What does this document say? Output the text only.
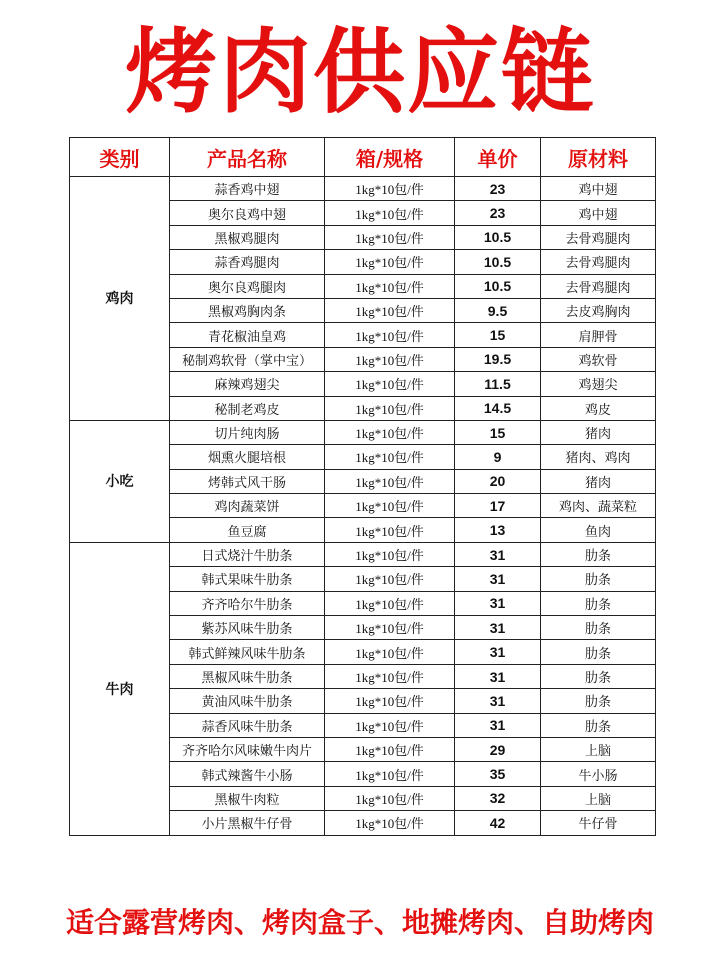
烤肉供应链
类别	产品名称	箱/规格	单价	原材料
鸡肉	蒜香鸡中翅	1kg*10包/件	23	鸡中翅
	奥尔良鸡中翅	1kg*10包/件	23	鸡中翅
	黑椒鸡腿肉	1kg*10包/件	10.5	去骨鸡腿肉
	蒜香鸡腿肉	1kg*10包/件	10.5	去骨鸡腿肉
	奥尔良鸡腿肉	1kg*10包/件	10.5	去骨鸡腿肉
	黑椒鸡胸肉条	1kg*10包/件	9.5	去皮鸡胸肉
	青花椒油皇鸡	1kg*10包/件	15	肩胛骨
	秘制鸡软骨（掌中宝）	1kg*10包/件	19.5	鸡软骨
	麻辣鸡翅尖	1kg*10包/件	11.5	鸡翅尖
	秘制老鸡皮	1kg*10包/件	14.5	鸡皮
小吃	切片纯肉肠	1kg*10包/件	15	猪肉
	烟熏火腿培根	1kg*10包/件	9	猪肉、鸡肉
	烤韩式风干肠	1kg*10包/件	20	猪肉
	鸡肉蔬菜饼	1kg*10包/件	17	鸡肉、蔬菜粒
	鱼豆腐	1kg*10包/件	13	鱼肉
牛肉	日式烧汁牛肋条	1kg*10包/件	31	肋条
	韩式果味牛肋条	1kg*10包/件	31	肋条
	齐齐哈尔牛肋条	1kg*10包/件	31	肋条
	紫苏风味牛肋条	1kg*10包/件	31	肋条
	韩式鲜辣风味牛肋条	1kg*10包/件	31	肋条
	黑椒风味牛肋条	1kg*10包/件	31	肋条
	黄油风味牛肋条	1kg*10包/件	31	肋条
	蒜香风味牛肋条	1kg*10包/件	31	肋条
	齐齐哈尔风味嫩牛肉片	1kg*10包/件	29	上脑
	韩式辣酱牛小肠	1kg*10包/件	35	牛小肠
	黑椒牛肉粒	1kg*10包/件	32	上脑
	小片黑椒牛仔骨	1kg*10包/件	42	牛仔骨
适合露营烤肉、烤肉盒子、地摊烤肉、自助烤肉
